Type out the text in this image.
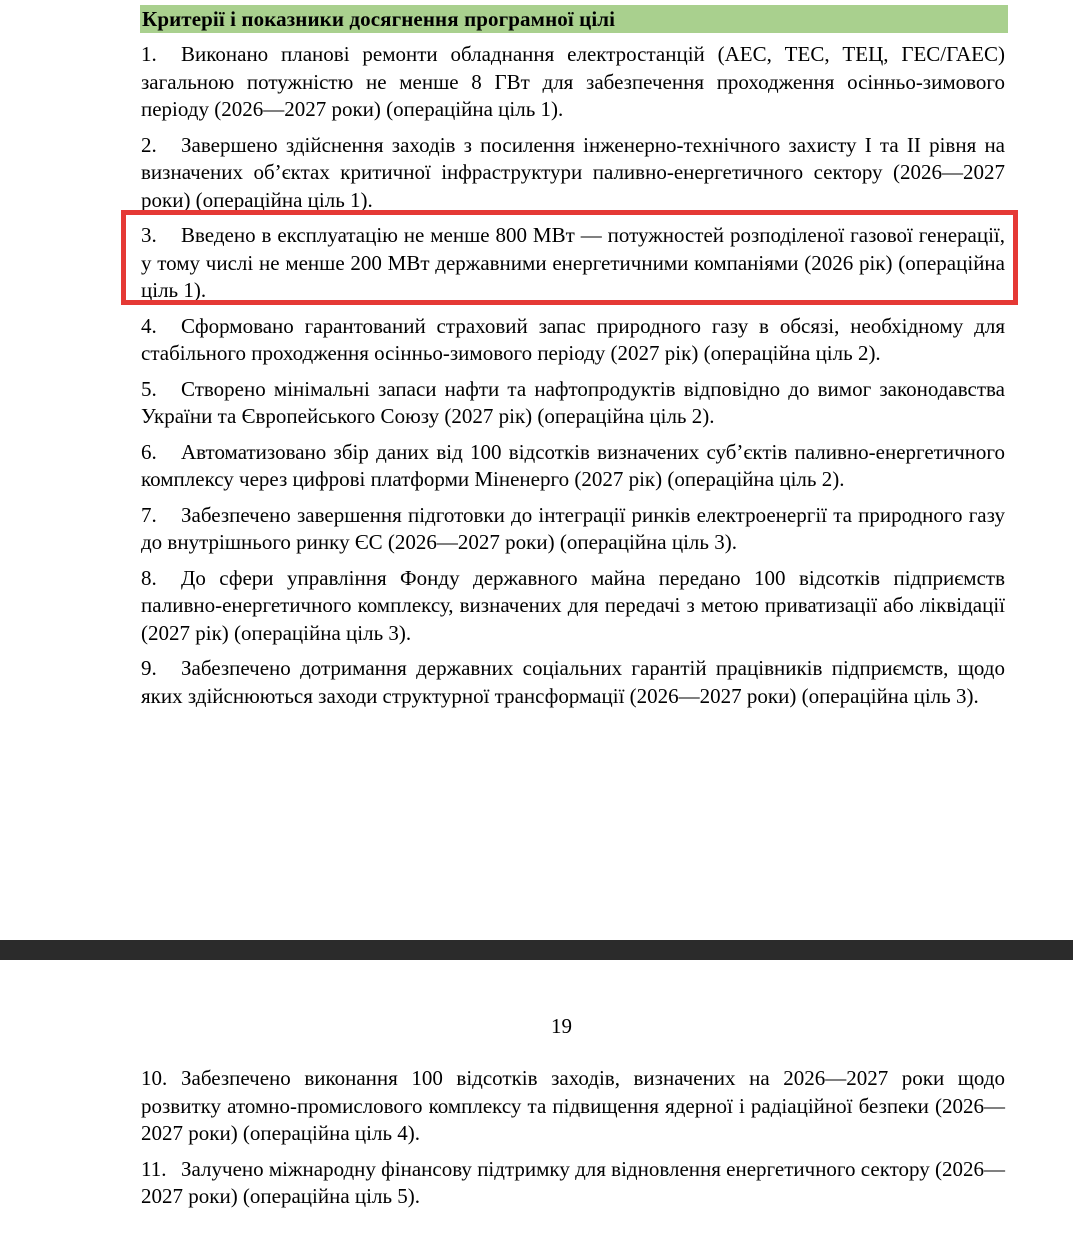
Критерії і показники досягнення програмної цілі

1. Виконано планові ремонти обладнання електростанцій (АЕС, ТЕС, ТЕЦ, ГЕС/ГАЕС) загальною потужністю не менше 8 ГВт для забезпечення проходження осінньо-зимового періоду (2026—2027 роки) (операційна ціль 1).

2. Завершено здійснення заходів з посилення інженерно-технічного захисту I та II рівня на визначених об’єктах критичної інфраструктури паливно-енергетичного сектору (2026—2027 роки) (операційна ціль 1).

3. Введено в експлуатацію не менше 800 МВт — потужностей розподіленої газової генерації, у тому числі не менше 200 МВт державними енергетичними компаніями (2026 рік) (операційна ціль 1).

4. Сформовано гарантований страховий запас природного газу в обсязі, необхідному для стабільного проходження осінньо-зимового періоду (2027 рік) (операційна ціль 2).

5. Створено мінімальні запаси нафти та нафтопродуктів відповідно до вимог законодавства України та Європейського Союзу (2027 рік) (операційна ціль 2).

6. Автоматизовано збір даних від 100 відсотків визначених суб’єктів паливно-енергетичного комплексу через цифрові платформи Міненерго (2027 рік) (операційна ціль 2).

7. Забезпечено завершення підготовки до інтеграції ринків електроенергії та природного газу до внутрішнього ринку ЄС (2026—2027 роки) (операційна ціль 3).

8. До сфери управління Фонду державного майна передано 100 відсотків підприємств паливно-енергетичного комплексу, визначених для передачі з метою приватизації або ліквідації (2027 рік) (операційна ціль 3).

9. Забезпечено дотримання державних соціальних гарантій працівників підприємств, щодо яких здійснюються заходи структурної трансформації (2026—2027 роки) (операційна ціль 3).

19

10. Забезпечено виконання 100 відсотків заходів, визначених на 2026—2027 роки щодо розвитку атомно-промислового комплексу та підвищення ядерної і радіаційної безпеки (2026—2027 роки) (операційна ціль 4).

11. Залучено міжнародну фінансову підтримку для відновлення енергетичного сектору (2026—2027 роки) (операційна ціль 5).
